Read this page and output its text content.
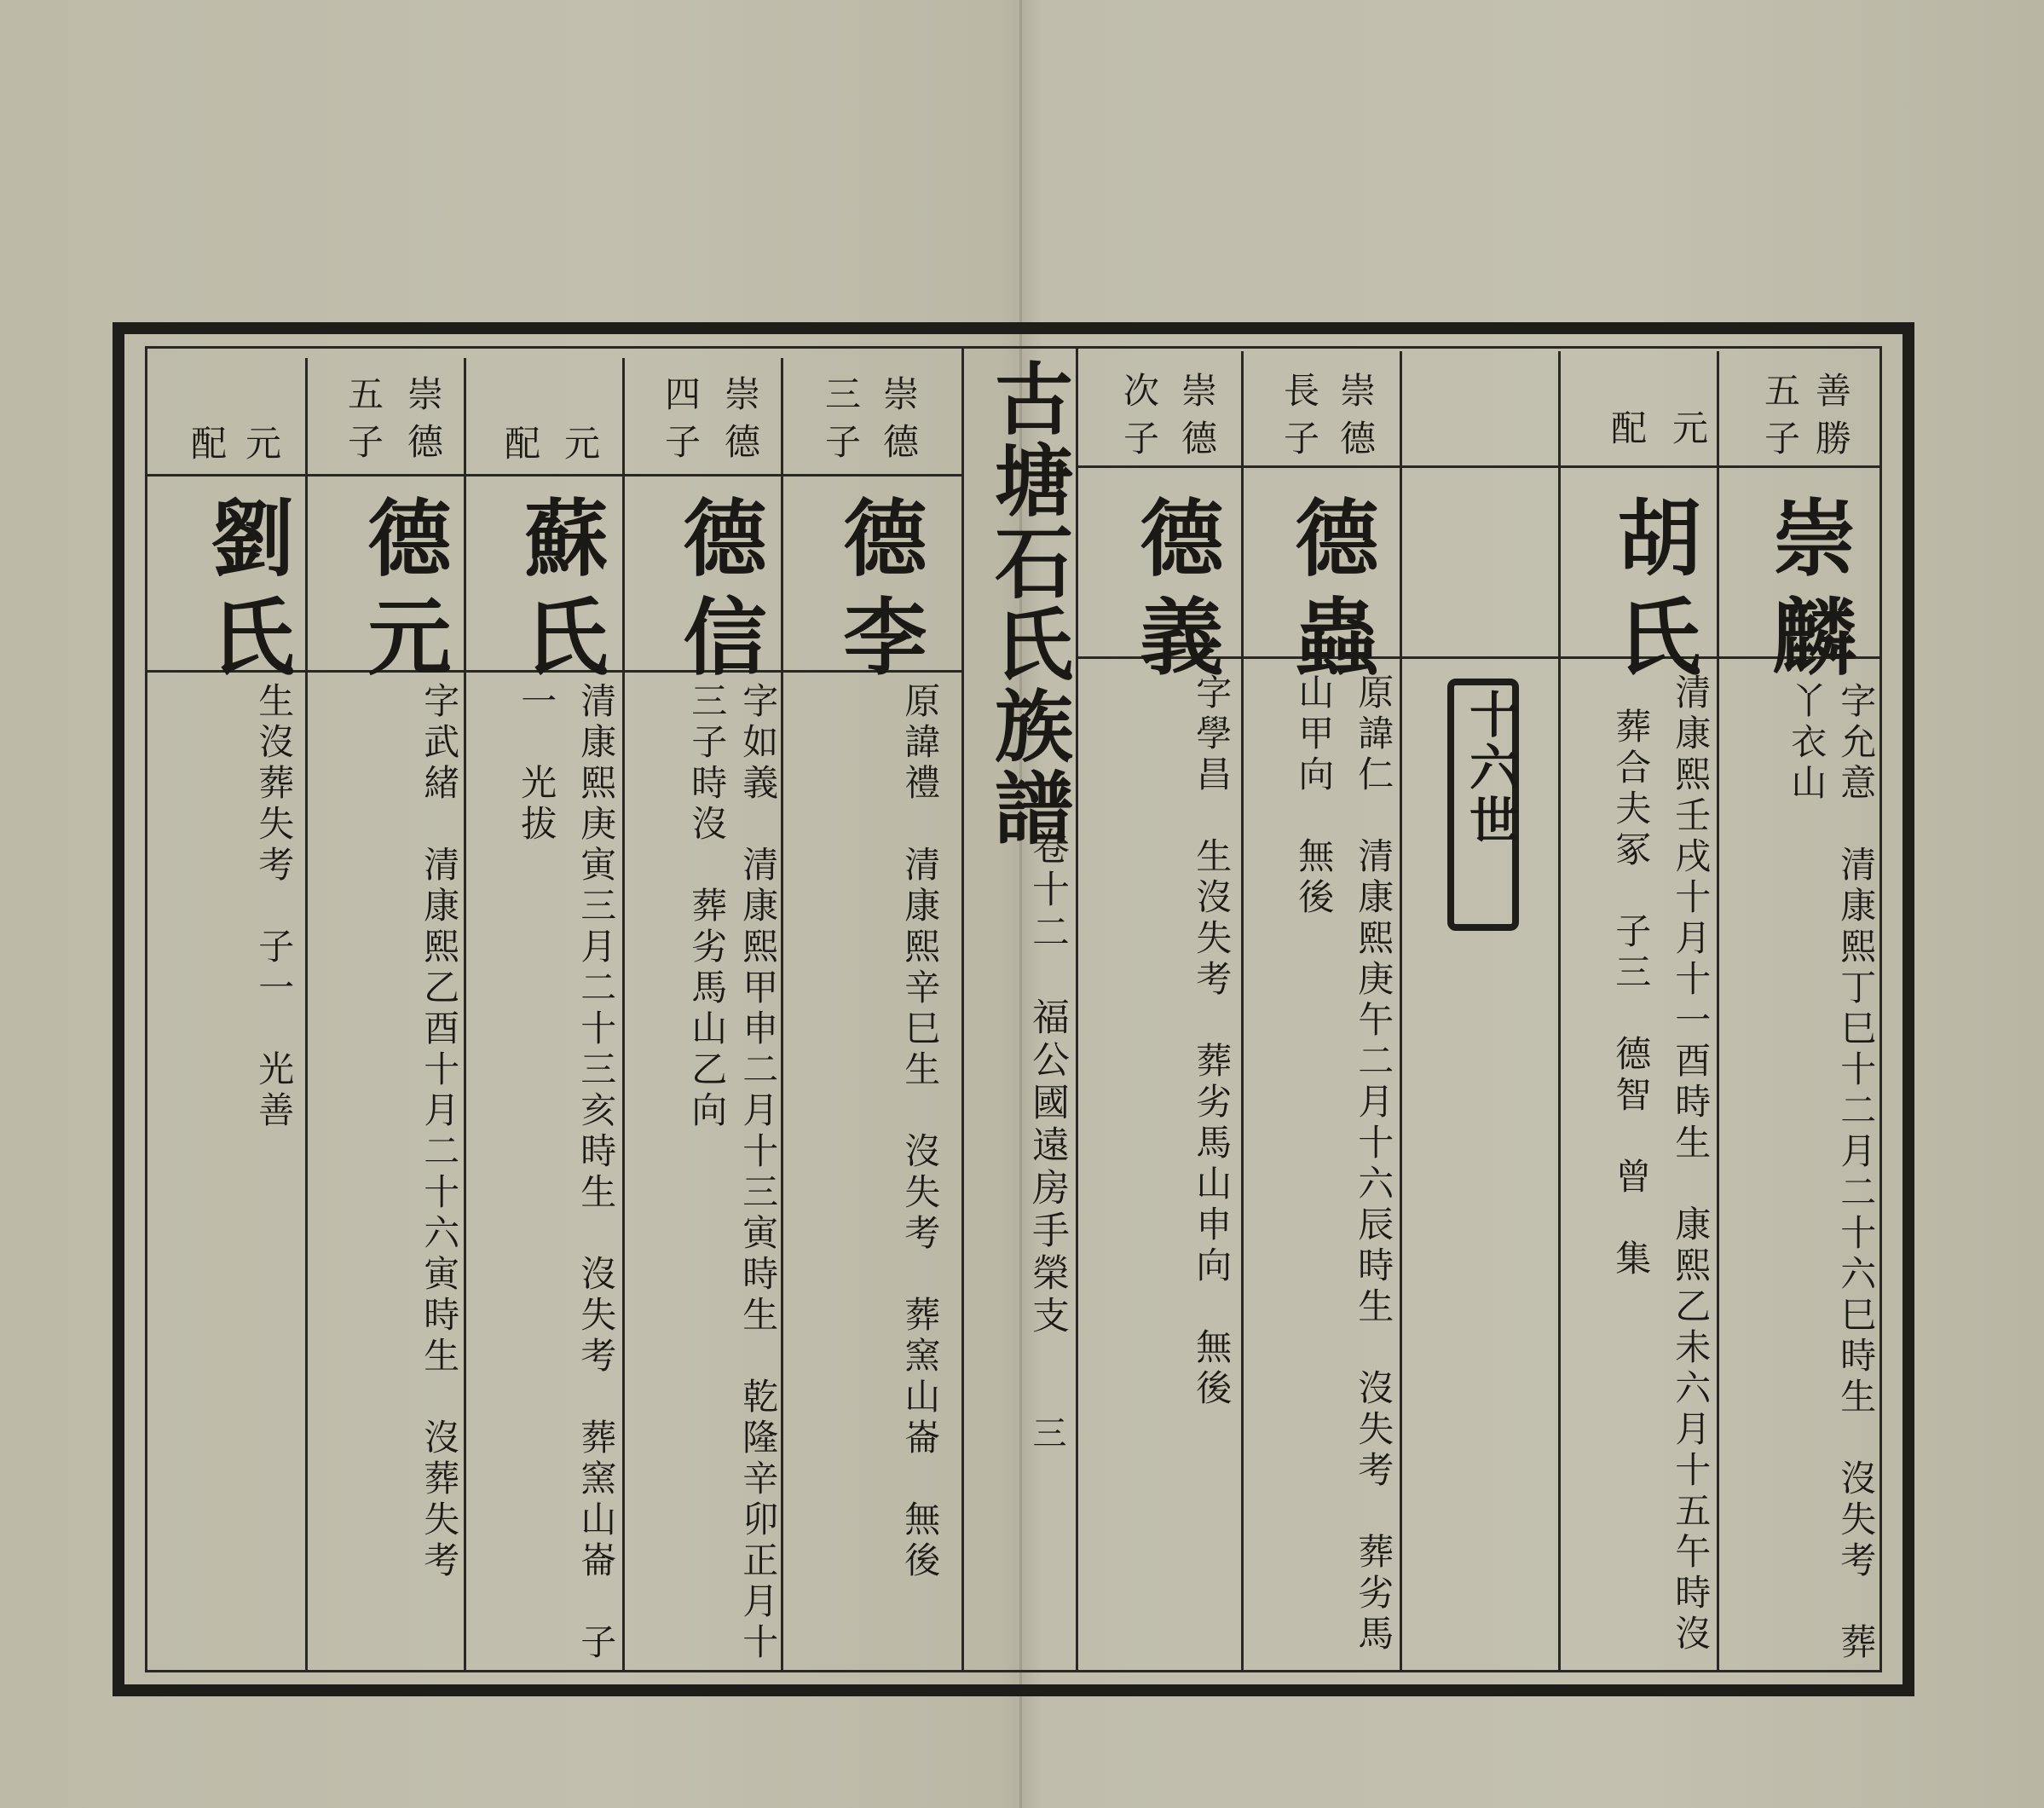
古塘石氏族譜
卷十二　福公國遠房手榮支
三
十六世
善勝
五子
崇麟
字允意　清康熙丁巳十二月二十六巳時生　沒失考　葬
丫衣山
元
配
胡氏
清康熙壬戌十月十一酉時生　康熙乙未六月十五午時沒
葬合夫冢　子三　德智　曾　集
崇德
長子
德蟲
原諱仁　清康熙庚午二月十六辰時生　沒失考　葬劣馬
山甲向　無後
崇德
次子
德義
字學昌　生沒失考　葬劣馬山申向　無後
崇德
三子
德李
原諱禮　清康熙辛巳生　沒失考　葬窯山崙　無後
崇德
四子
德信
字如義　清康熙甲申二月十三寅時生　乾隆辛卯正月十
三子時沒　葬劣馬山乙向
元
配
蘇氏
清康熙庚寅三月二十三亥時生　沒失考　葬窯山崙　子
一　光拔
崇德
五子
德元
字武緒　清康熙乙酉十月二十六寅時生　沒葬失考
元
配
劉氏
生沒葬失考　子一　光善
